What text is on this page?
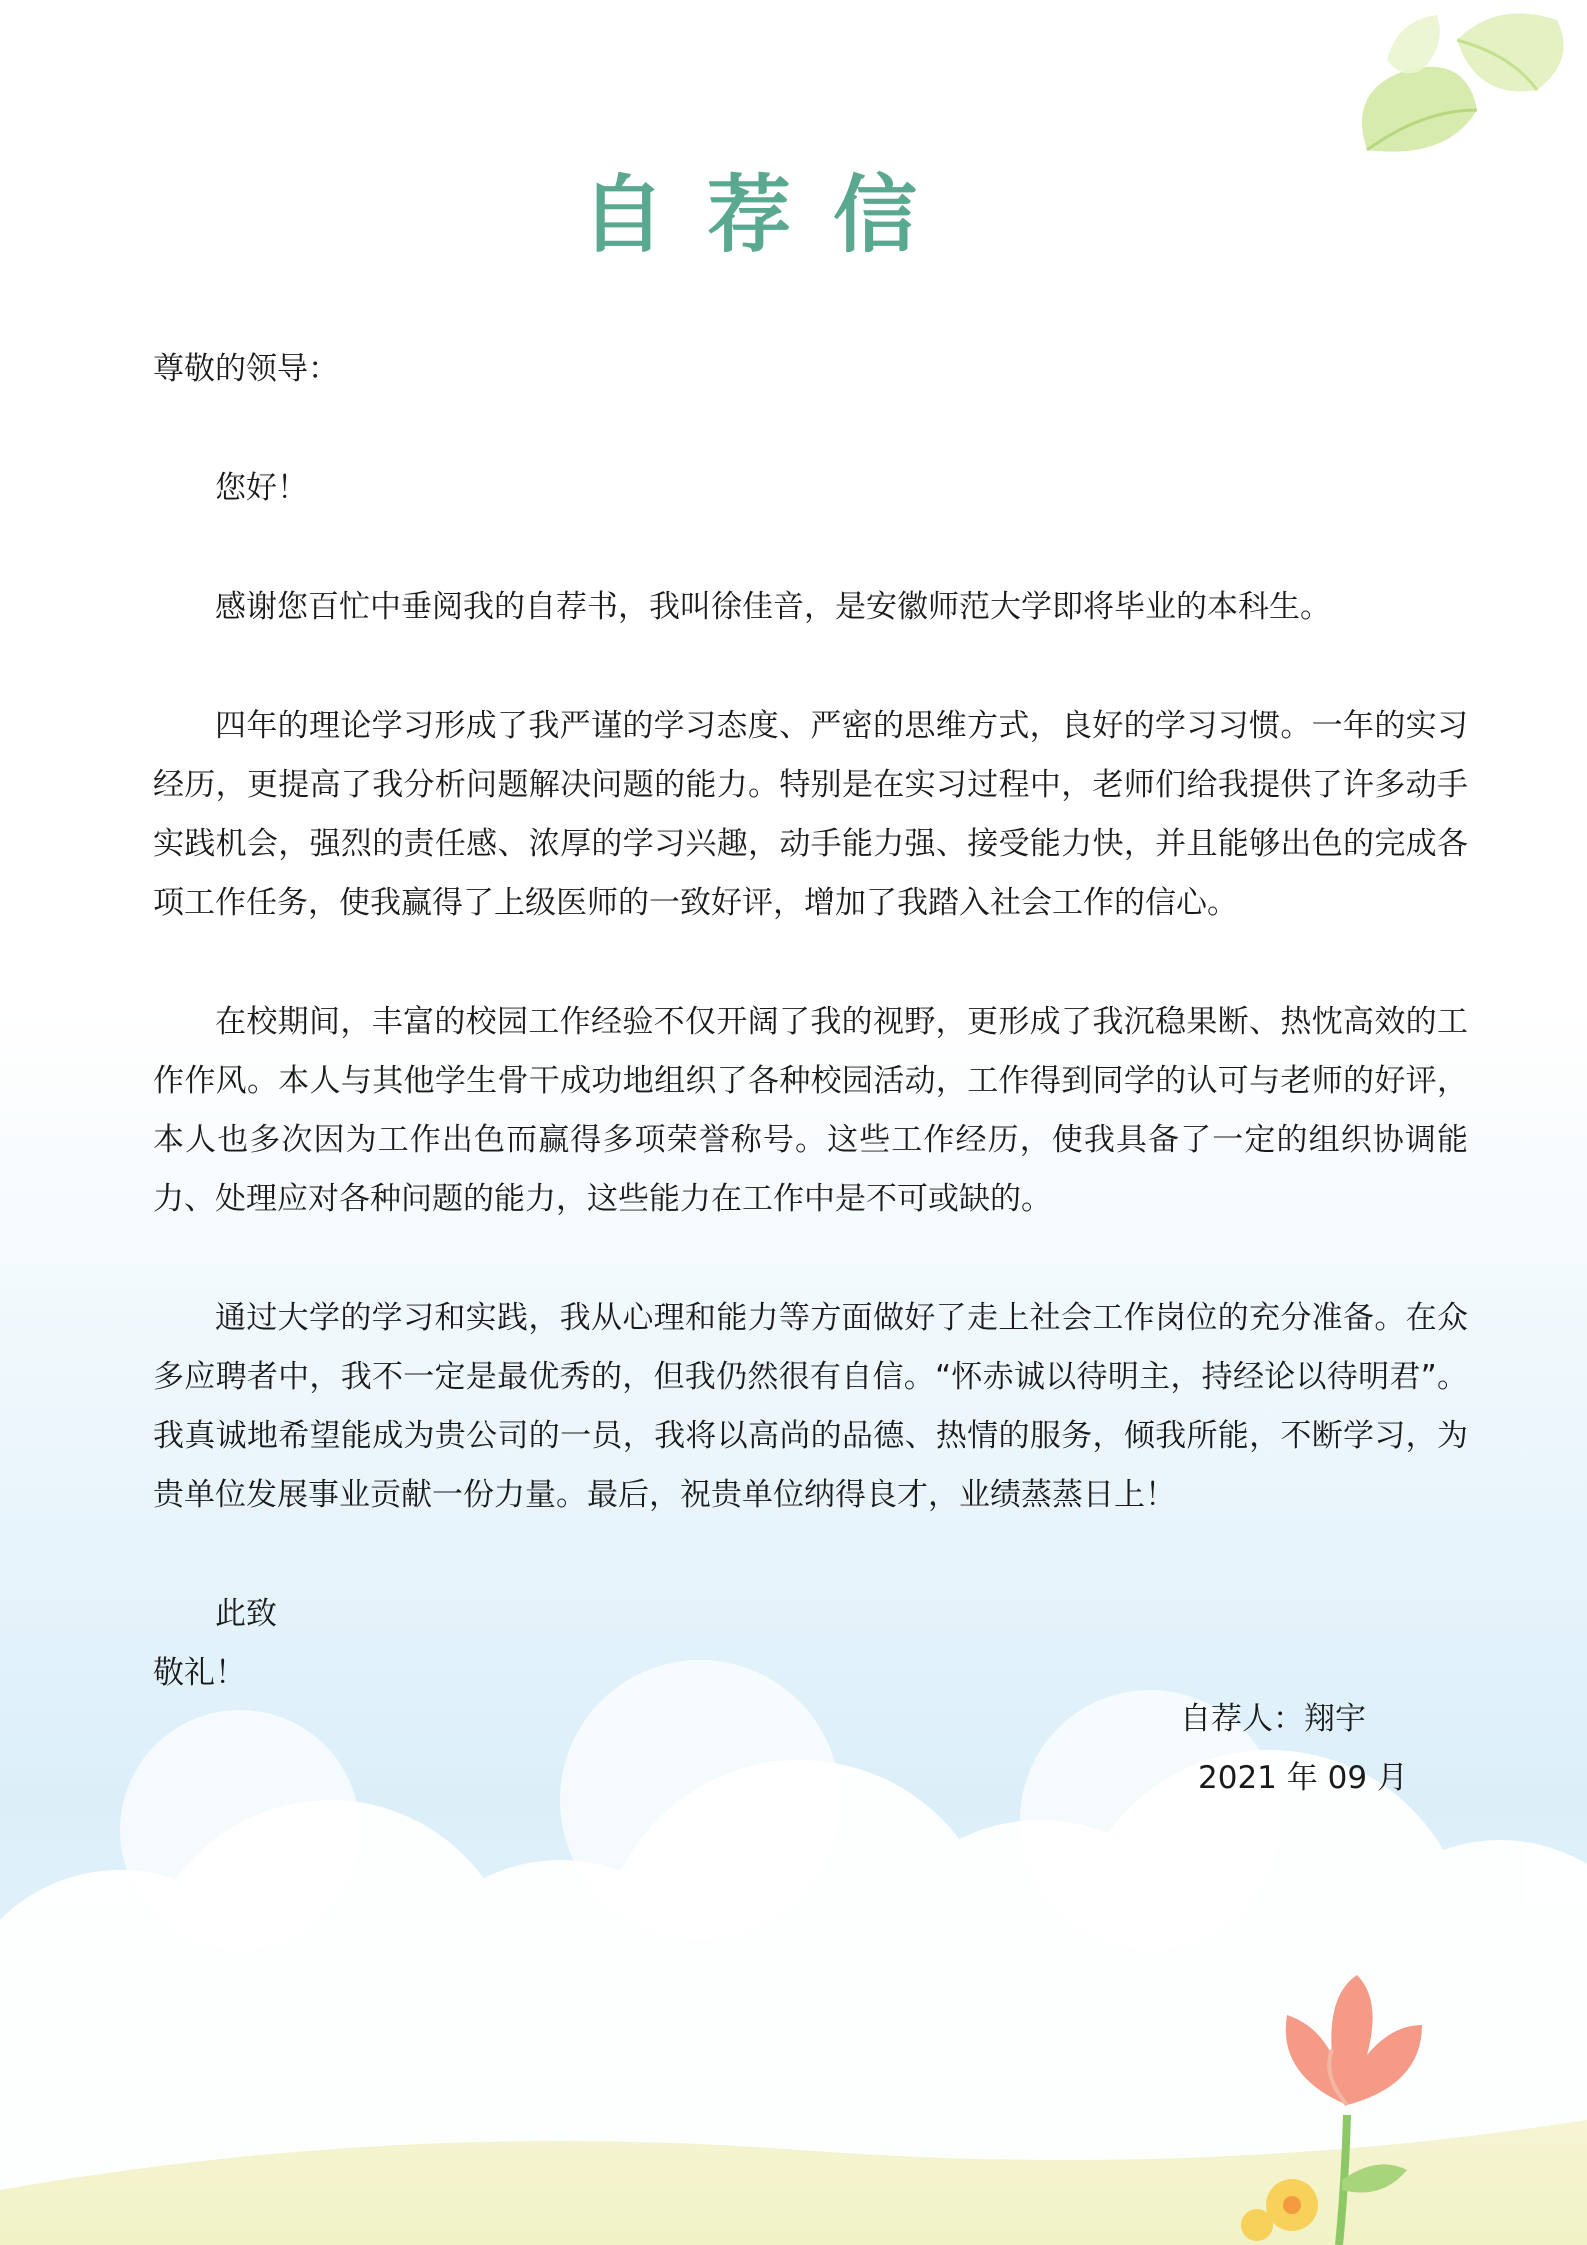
自荐信

尊敬的领导：

您好！

感谢您百忙中垂阅我的自荐书，我叫徐佳音，是安徽师范大学即将毕业的本科生。

四年的理论学习形成了我严谨的学习态度、严密的思维方式，良好的学习习惯。一年的实习经历，更提高了我分析问题解决问题的能力。特别是在实习过程中，老师们给我提供了许多动手实践机会，强烈的责任感、浓厚的学习兴趣，动手能力强、接受能力快，并且能够出色的完成各项工作任务，使我赢得了上级医师的一致好评，增加了我踏入社会工作的信心。

在校期间，丰富的校园工作经验不仅开阔了我的视野，更形成了我沉稳果断、热忱高效的工作作风。本人与其他学生骨干成功地组织了各种校园活动，工作得到同学的认可与老师的好评，本人也多次因为工作出色而赢得多项荣誉称号。这些工作经历，使我具备了一定的组织协调能力、处理应对各种问题的能力，这些能力在工作中是不可或缺的。

通过大学的学习和实践，我从心理和能力等方面做好了走上社会工作岗位的充分准备。在众多应聘者中，我不一定是最优秀的，但我仍然很有自信。“怀赤诚以待明主，持经论以待明君”。我真诚地希望能成为贵公司的一员，我将以高尚的品德、热情的服务，倾我所能，不断学习，为贵单位发展事业贡献一份力量。最后，祝贵单位纳得良才，业绩蒸蒸日上！

此致

敬礼！

自荐人：翔宇

2021 年 09 月
